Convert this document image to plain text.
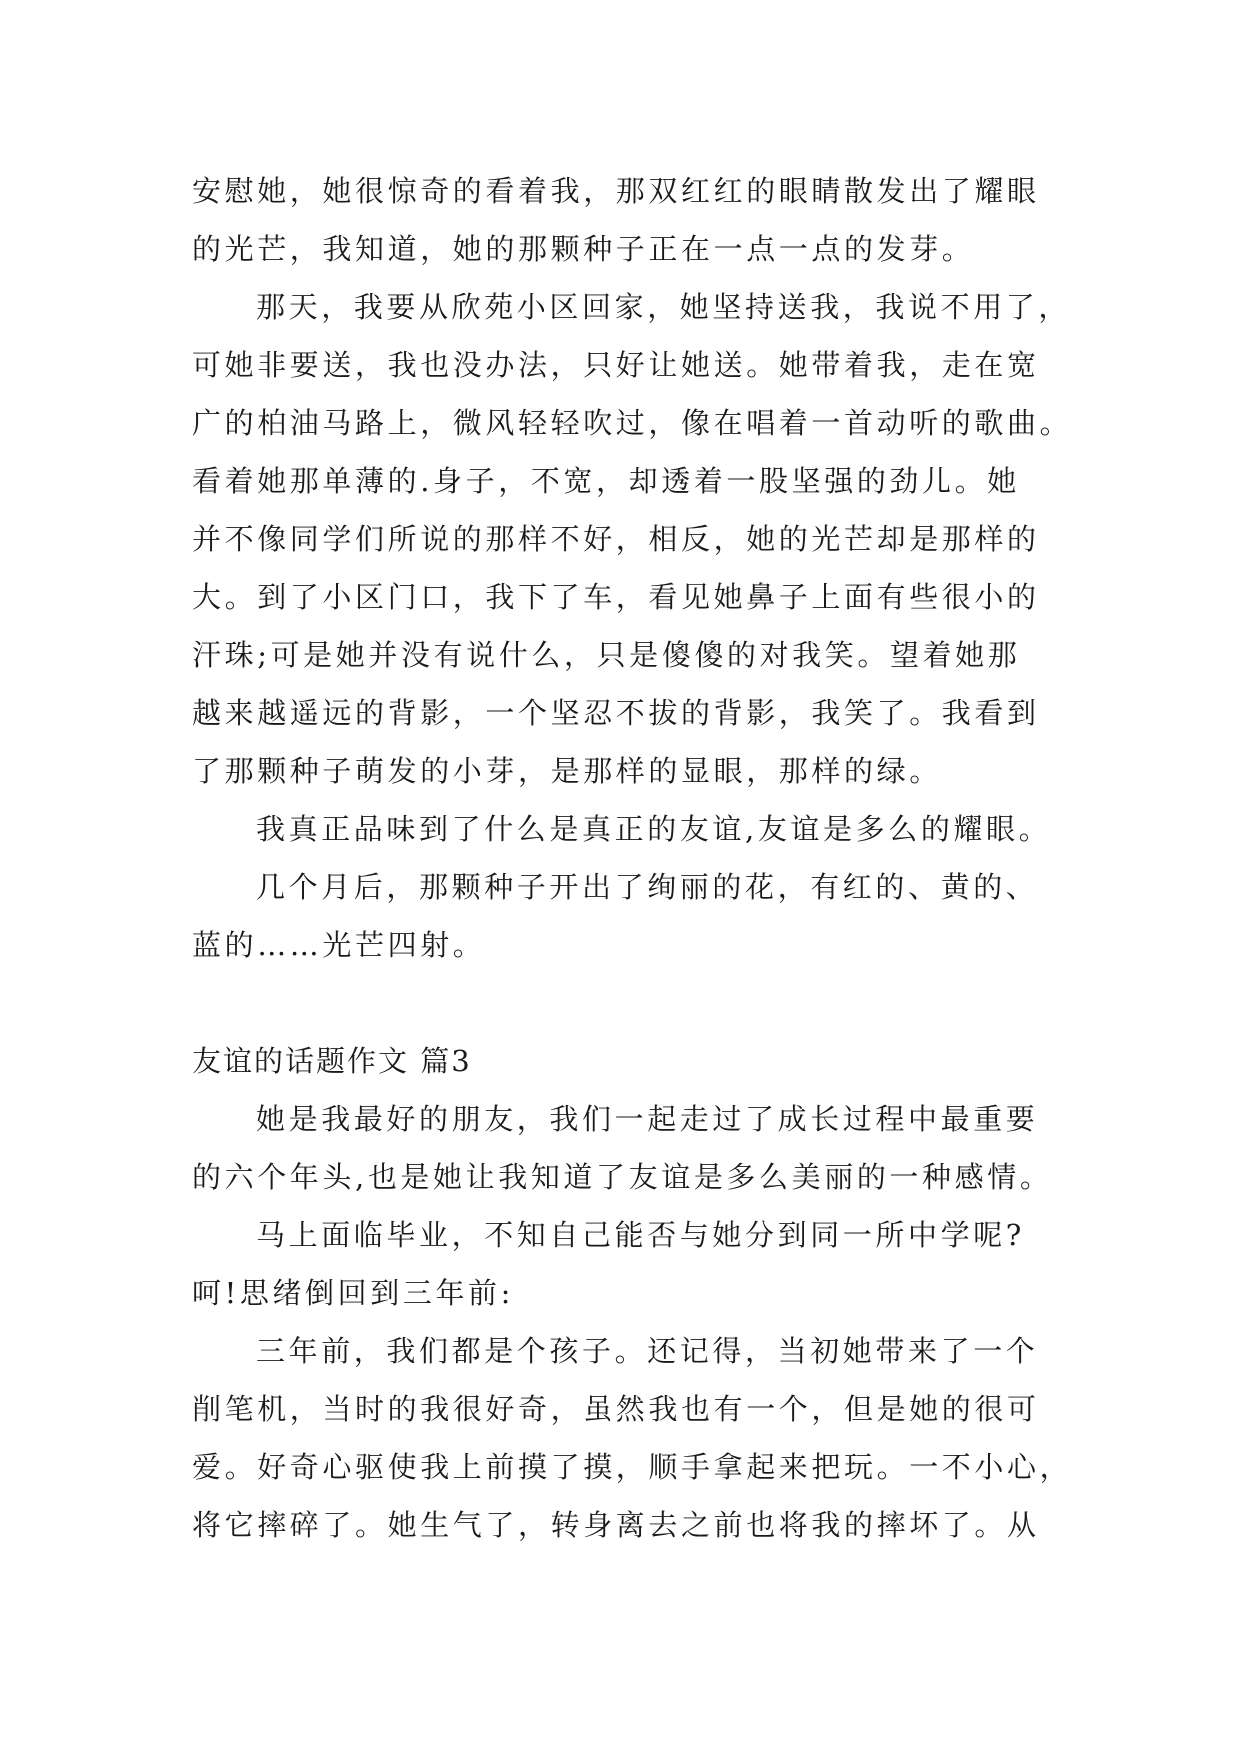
安慰她，她很惊奇的看着我，那双红红的眼睛散发出了耀眼
的光芒，我知道，她的那颗种子正在一点一点的发芽。
那天，我要从欣苑小区回家，她坚持送我，我说不用了，
可她非要送，我也没办法，只好让她送。她带着我，走在宽
广的柏油马路上，微风轻轻吹过，像在唱着一首动听的歌曲。
看着她那单薄的.身子，不宽，却透着一股坚强的劲儿。她
并不像同学们所说的那样不好，相反，她的光芒却是那样的
大。到了小区门口，我下了车，看见她鼻子上面有些很小的
汗珠;可是她并没有说什么，只是傻傻的对我笑。望着她那
越来越遥远的背影，一个坚忍不拔的背影，我笑了。我看到
了那颗种子萌发的小芽，是那样的显眼，那样的绿。
我真正品味到了什么是真正的友谊,友谊是多么的耀眼。
几个月后，那颗种子开出了绚丽的花，有红的、黄的、
蓝的……光芒四射。
友谊的话题作文 篇3
她是我最好的朋友，我们一起走过了成长过程中最重要
的六个年头,也是她让我知道了友谊是多么美丽的一种感情。
马上面临毕业，不知自己能否与她分到同一所中学呢?
呵!思绪倒回到三年前:
三年前，我们都是个孩子。还记得，当初她带来了一个
削笔机，当时的我很好奇，虽然我也有一个，但是她的很可
爱。好奇心驱使我上前摸了摸，顺手拿起来把玩。一不小心，
将它摔碎了。她生气了，转身离去之前也将我的摔坏了。从
